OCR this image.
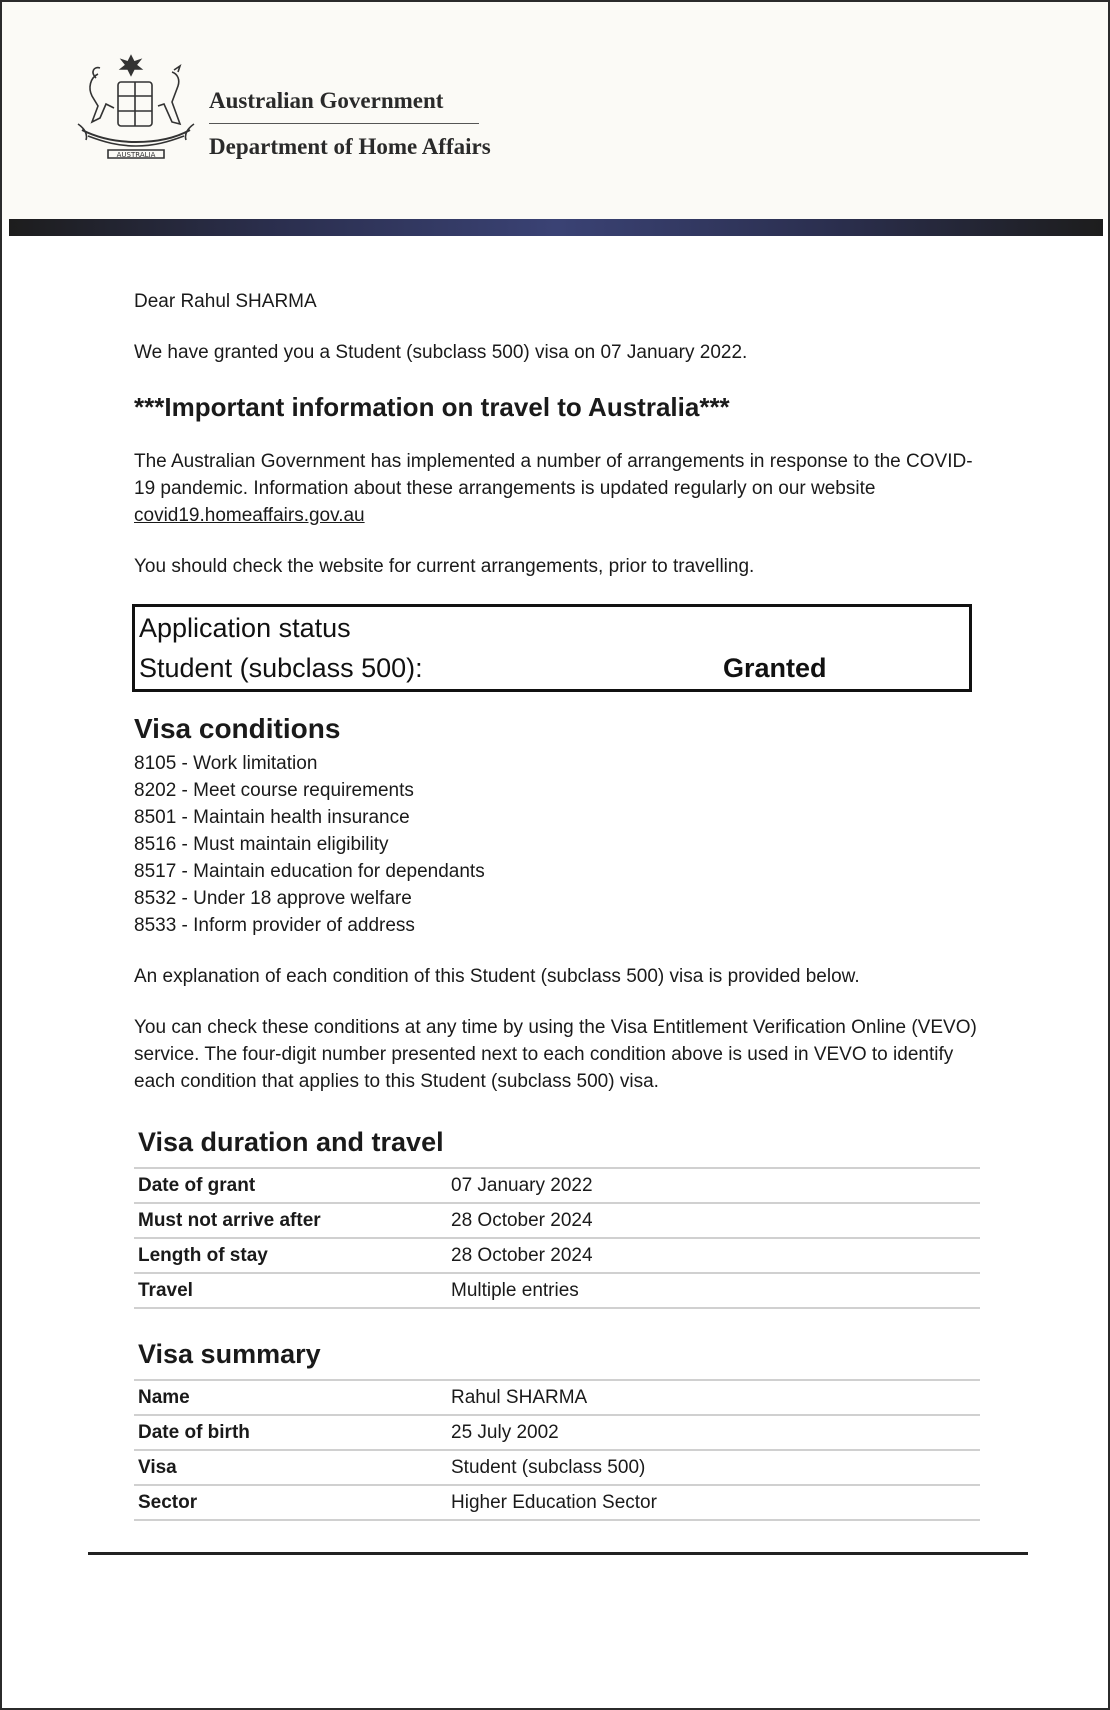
AUSTRALIA
Australian Government
Department of Home Affairs

Dear Rahul SHARMA

We have granted you a Student (subclass 500) visa on 07 January 2022.

***Important information on travel to Australia***

The Australian Government has implemented a number of arrangements in response to the COVID-19 pandemic. Information about these arrangements is updated regularly on our website covid19.homeaffairs.gov.au

You should check the website for current arrangements, prior to travelling.

Application status
Student (subclass 500):	Granted
Visa conditions
8105 - Work limitation
8202 - Meet course requirements
8501 - Maintain health insurance
8516 - Must maintain eligibility
8517 - Maintain education for dependants
8532 - Under 18 approve welfare
8533 - Inform provider of address

An explanation of each condition of this Student (subclass 500) visa is provided below.

You can check these conditions at any time by using the Visa Entitlement Verification Online (VEVO) service. The four-digit number presented next to each condition above is used in VEVO to identify each condition that applies to this Student (subclass 500) visa.

Visa duration and travel
Date of grant	07 January 2022
Must not arrive after	28 October 2024
Length of stay	28 October 2024
Travel	Multiple entries
Visa summary
Name	Rahul SHARMA
Date of birth	25 July 2002
Visa	Student (subclass 500)
Sector	Higher Education Sector
